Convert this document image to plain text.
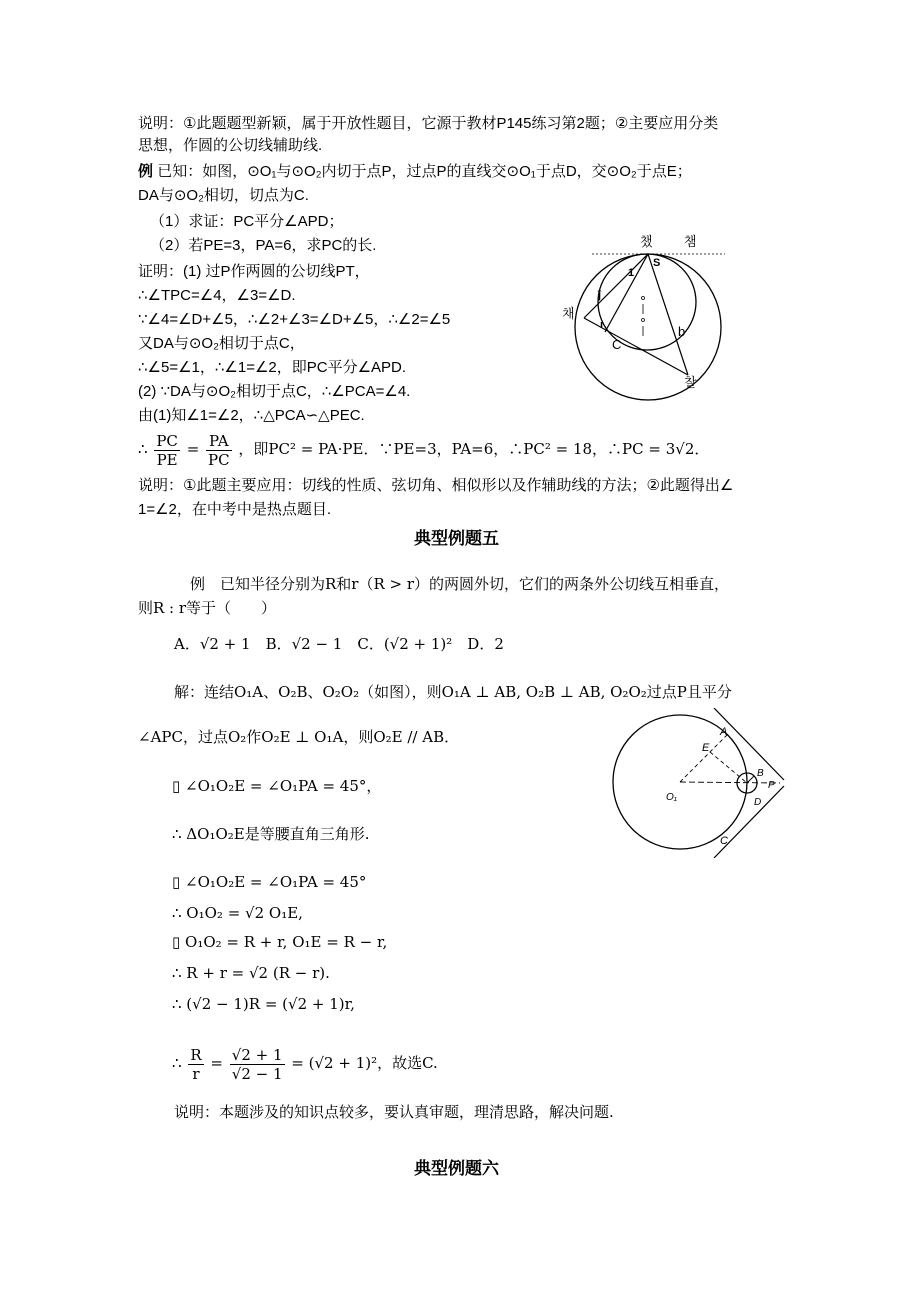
说明：①此题题型新颖，属于开放性题目，它源于教材P145练习第2题；②主要应用分类
思想，作圆的公切线辅助线.
例 已知：如图，⊙O₁与⊙O₂内切于点P，过点P的直线交⊙O₁于点D，交⊙O₂于点E；
DA与⊙O₂相切，切点为C.
（1）求证：PC平分∠APD；
（2）若PE=3，PA=6，求PC的长.
证明：(1) 过P作两圆的公切线PT，
∴∠TPC=∠4，∠3=∠D.
∵∠4=∠D+∠5，∴∠2+∠3=∠D+∠5，∴∠2=∠5
又DA与⊙O₂相切于点C，
∴∠5=∠1，∴∠1=∠2，即PC平分∠APD.
(2) ∵DA与⊙O₂相切于点C，∴∠PCA=∠4.
由(1)知∠1=∠2，∴△PCA∽△PEC.
∴ $\frac{PC}{PE} = \frac{PA}{PC}$ ，即PC² = PA·PE．∵PE=3，PA=6，∴PC² = 18，∴PC = 3√2．
说明：①此题主要应用：切线的性质、弦切角、相似形以及作辅助线的方法；②此题得出∠
1=∠2，在中考中是热点题目.
챘 챔
1
S
ĵ
ı
채
C
b
찰
典型例题五
例　已知半径分别为R和r（R > r）的两圆外切，它们的两条外公切线互相垂直，
则R : r等于（　　）
A．√2 + 1　B．√2 − 1　C．(√2 + 1)²　D．2
解：连结O₁A、O₂B、O₂O₂（如图），则O₁A ⊥ AB, O₂B ⊥ AB, O₂O₂过点P且平分
∠APC，过点O₂作O₂E ⊥ O₁A，则O₂E // AB．
▯ ∠O₁O₂E = ∠O₁PA = 45°，
∴ ΔO₁O₂E是等腰直角三角形.
▯ ∠O₁O₂E = ∠O₁PA = 45°
∴ O₁O₂ = √2 O₁E,
▯ O₁O₂ = R + r, O₁E = R − r,
∴ R + r = √2 (R − r).
∴ (√2 − 1)R = (√2 + 1)r,
∴ $\frac{R}{r} = \frac{√2 + 1}{√2 - 1} = (√2 + 1)^2$，故选C.
说明：本题涉及的知识点较多，要认真审题，理清思路，解决问题.
E
A
B
P
O₁	D
C
典型例题六
